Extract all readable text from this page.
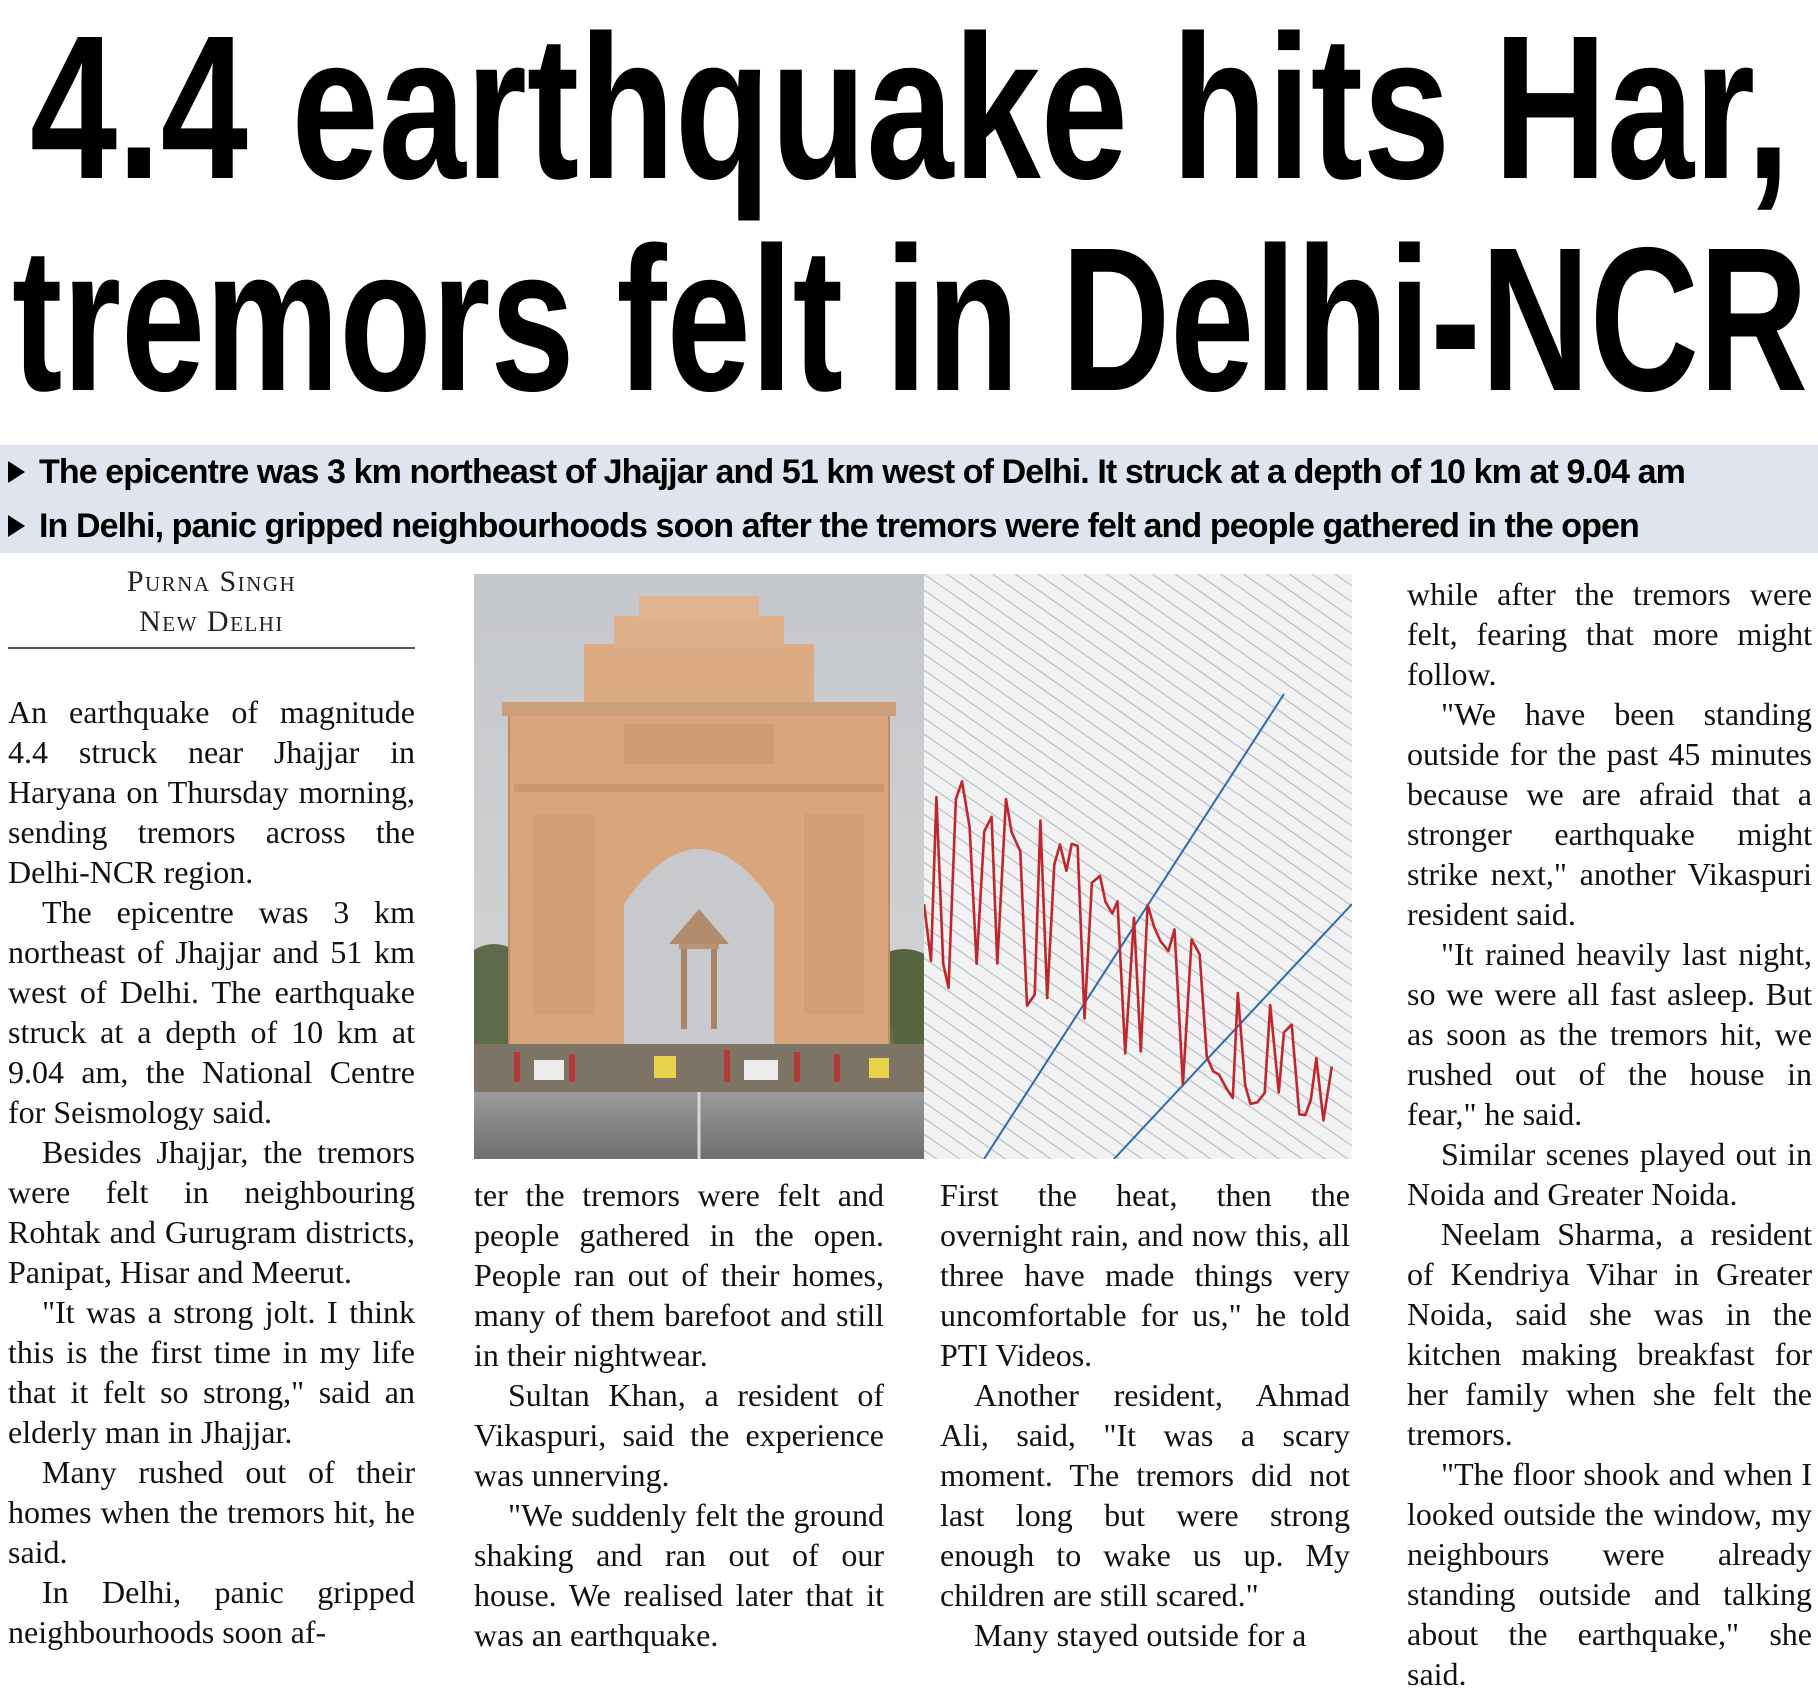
4.4 earthquake hits Har,
tremors felt in Delhi-NCR
The epicentre was 3 km northeast of Jhajjar and 51 km west of Delhi. It struck at a depth of 10 km at 9.04 am
In Delhi, panic gripped neighbourhoods soon after the tremors were felt and people gathered in the open
Purna Singh
New Delhi

An earthquake of magnitude 4.4 struck near Jhajjar in Haryana on Thursday morning, sending tremors across the Delhi-NCR region.

The epicentre was 3 km northeast of Jhajjar and 51 km west of Delhi. The earthquake struck at a depth of 10 km at 9.04 am, the National Centre for Seismology said.

Besides Jhajjar, the tremors were felt in neighbouring Rohtak and Gurugram districts, Panipat, Hisar and Meerut.

"It was a strong jolt. I think this is the first time in my life that it felt so strong," said an elderly man in Jhajjar.

Many rushed out of their homes when the tremors hit, he said.

In Delhi, panic gripped neighbourhoods soon af-

ter the tremors were felt and people gathered in the open. People ran out of their homes, many of them barefoot and still in their nightwear.

Sultan Khan, a resident of Vikaspuri, said the experience was unnerving.

"We suddenly felt the ground shaking and ran out of our house. We realised later that it was an earthquake.

First the heat, then the overnight rain, and now this, all three have made things very uncomfortable for us," he told PTI Videos.

Another resident, Ahmad Ali, said, "It was a scary moment. The tremors did not last long but were strong enough to wake us up. My children are still scared."

Many stayed outside for a

while after the tremors were felt, fearing that more might follow.

"We have been standing outside for the past 45 minutes because we are afraid that a stronger earthquake might strike next," another Vikaspuri resident said.

"It rained heavily last night, so we were all fast asleep. But as soon as the tremors hit, we rushed out of the house in fear," he said.

Similar scenes played out in Noida and Greater Noida.

Neelam Sharma, a resident of Kendriya Vihar in Greater Noida, said she was in the kitchen making breakfast for her family when she felt the tremors.

"The floor shook and when I looked outside the window, my neighbours were already standing outside and talking about the earthquake," she said.
